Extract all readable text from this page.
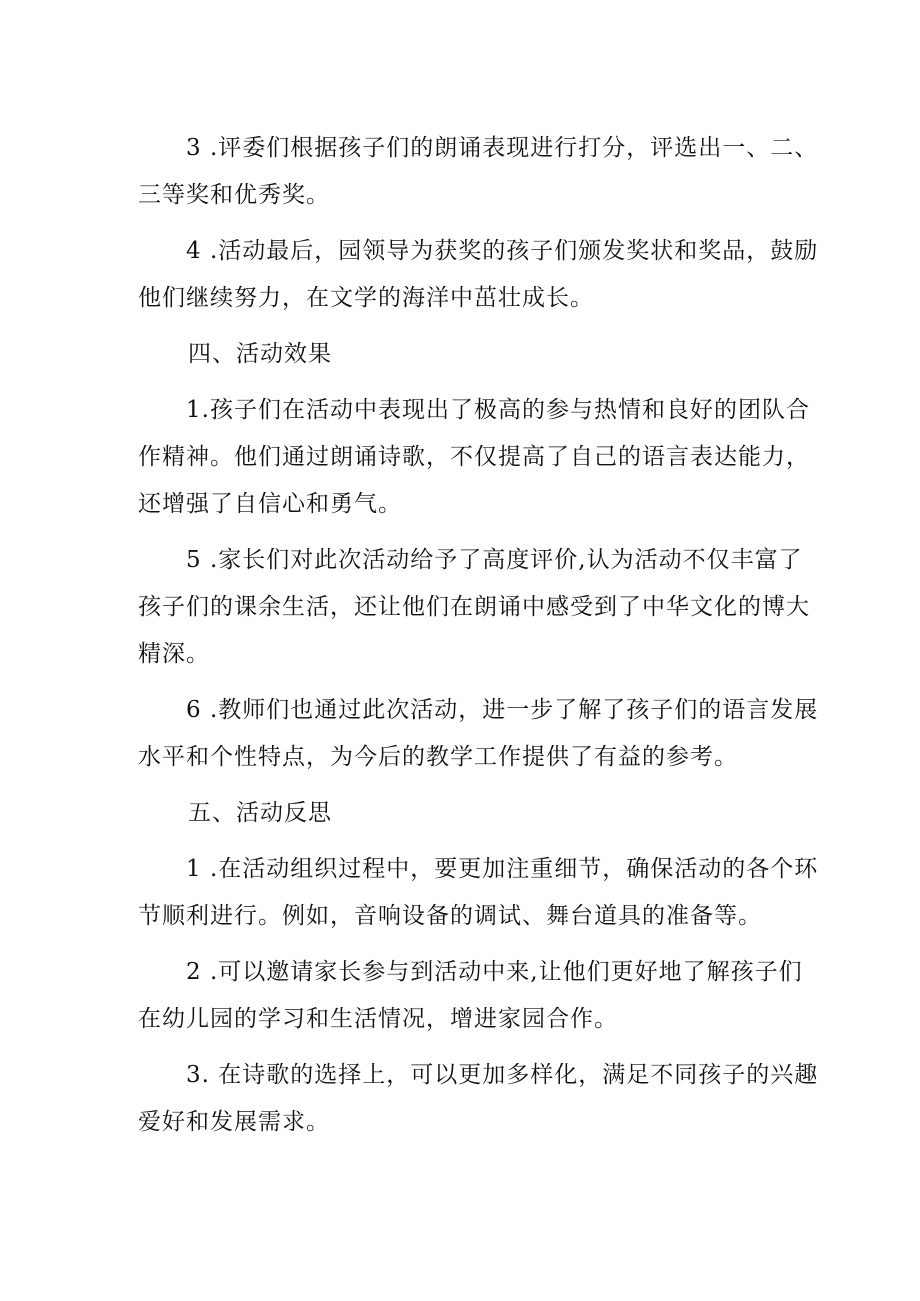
3 .评委们根据孩子们的朗诵表现进行打分，评选出一、二、
三等奖和优秀奖。

4 .活动最后，园领导为获奖的孩子们颁发奖状和奖品，鼓励
他们继续努力，在文学的海洋中茁壮成长。

四、活动效果

1.孩子们在活动中表现出了极高的参与热情和良好的团队合
作精神。他们通过朗诵诗歌，不仅提高了自己的语言表达能力，
还增强了自信心和勇气。

5 .家长们对此次活动给予了高度评价,认为活动不仅丰富了
孩子们的课余生活，还让他们在朗诵中感受到了中华文化的博大
精深。

6 .教师们也通过此次活动，进一步了解了孩子们的语言发展
水平和个性特点，为今后的教学工作提供了有益的参考。

五、活动反思

1 .在活动组织过程中，要更加注重细节，确保活动的各个环
节顺利进行。例如，音响设备的调试、舞台道具的准备等。

2 .可以邀请家长参与到活动中来,让他们更好地了解孩子们
在幼儿园的学习和生活情况，增进家园合作。

3. 在诗歌的选择上，可以更加多样化，满足不同孩子的兴趣
爱好和发展需求。
